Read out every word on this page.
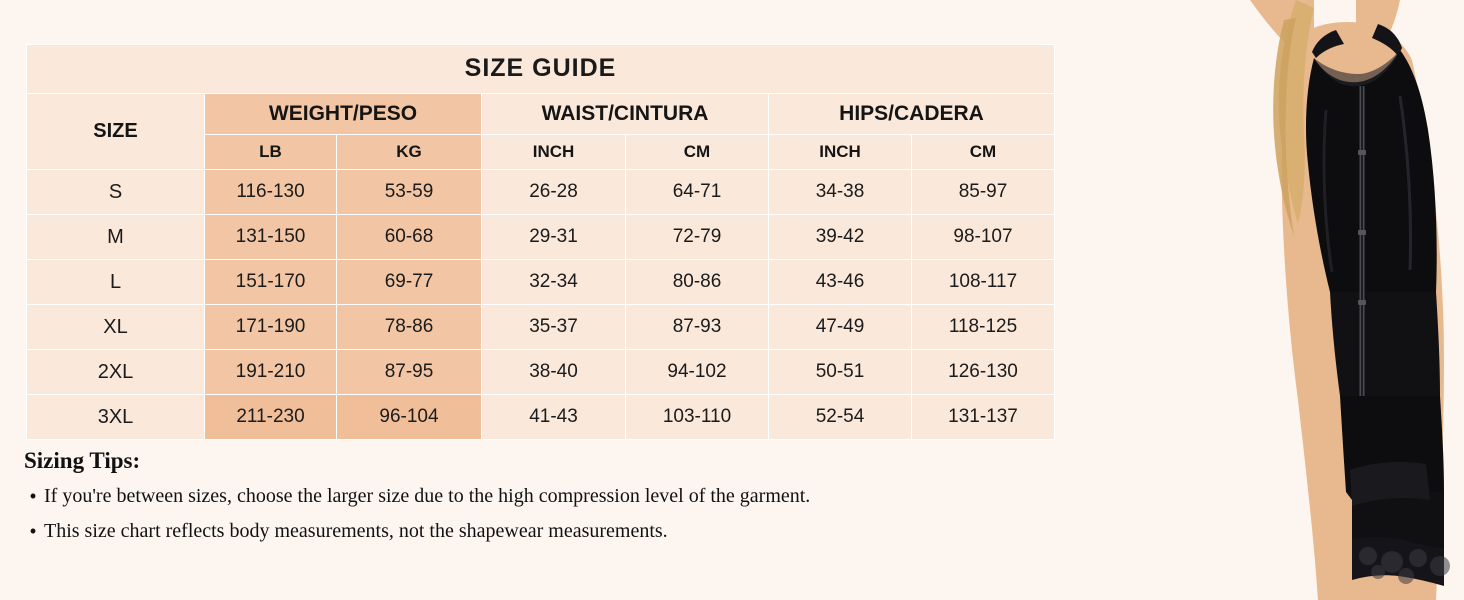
SIZE GUIDE						
SIZE	WEIGHT/PESO		WAIST/CINTURA		HIPS/CADERA	
	LB	KG	INCH	CM	INCH	CM
S	116-130	53-59	26-28	64-71	34-38	85-97
M	131-150	60-68	29-31	72-79	39-42	98-107
L	151-170	69-77	32-34	80-86	43-46	108-117
XL	171-190	78-86	35-37	87-93	47-49	118-125
2XL	191-210	87-95	38-40	94-102	50-51	126-130
3XL	211-230	96-104	41-43	103-110	52-54	131-137
Sizing Tips:
• If you're between sizes, choose the larger size due to the high compression level of the garment.
• This size chart reflects body measurements, not the shapewear measurements.
